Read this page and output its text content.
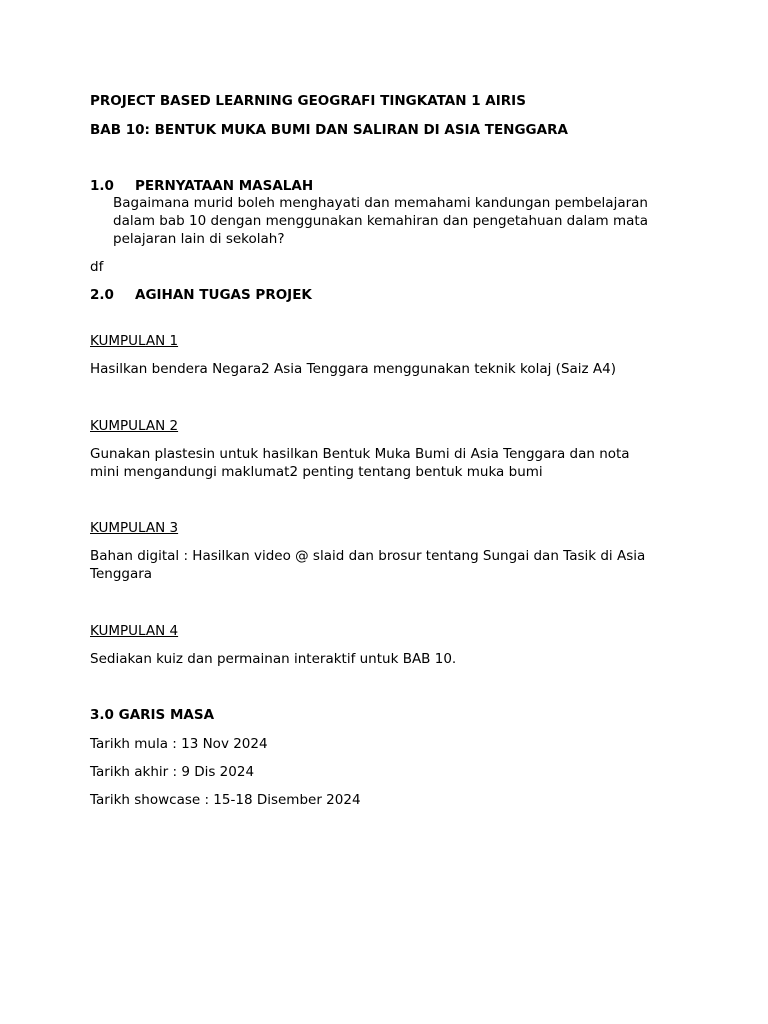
PROJECT BASED LEARNING GEOGRAFI TINGKATAN 1 AIRIS
BAB 10: BENTUK MUKA BUMI DAN SALIRAN DI ASIA TENGGARA
1.0 PERNYATAAN MASALAH
Bagaimana murid boleh menghayati dan memahami kandungan pembelajaran
dalam bab 10 dengan menggunakan kemahiran dan pengetahuan dalam mata
pelajaran lain di sekolah?
df
2.0 AGIHAN TUGAS PROJEK
KUMPULAN 1
Hasilkan bendera Negara2 Asia Tenggara menggunakan teknik kolaj (Saiz A4)
KUMPULAN 2
Gunakan plastesin untuk hasilkan Bentuk Muka Bumi di Asia Tenggara dan nota
mini mengandungi maklumat2 penting tentang bentuk muka bumi
KUMPULAN 3
Bahan digital : Hasilkan video @ slaid dan brosur tentang Sungai dan Tasik di Asia
Tenggara
KUMPULAN 4
Sediakan kuiz dan permainan interaktif untuk BAB 10.
3.0 GARIS MASA
Tarikh mula : 13 Nov 2024
Tarikh akhir : 9 Dis 2024
Tarikh showcase : 15-18 Disember 2024
